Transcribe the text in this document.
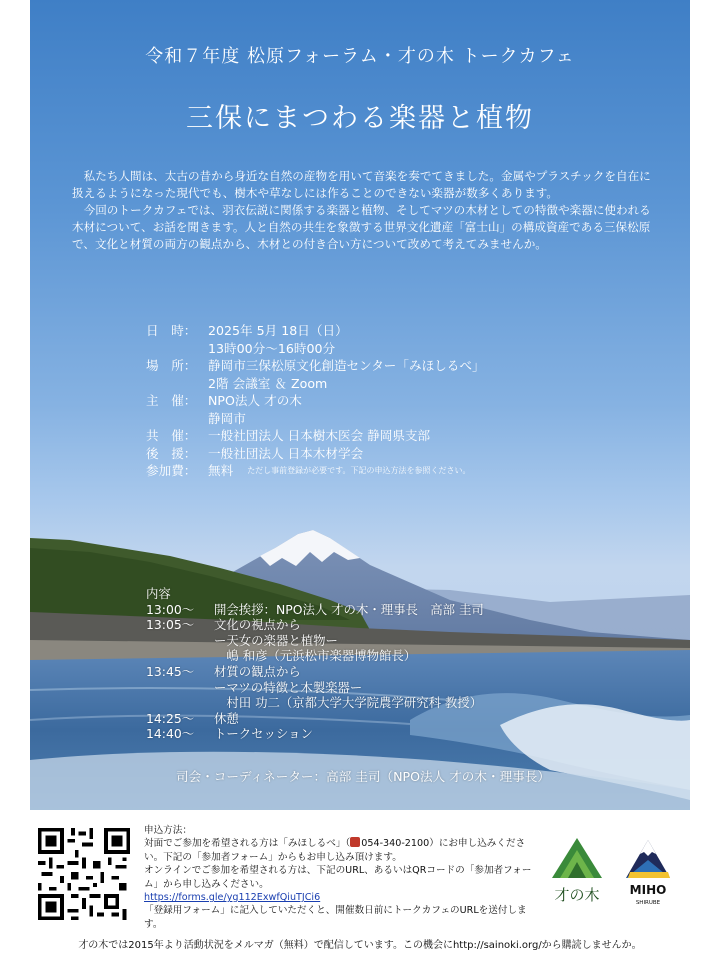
令和７年度 松原フォーラム・才の木 トークカフェ
三保にまつわる楽器と植物

私たち人間は、太古の昔から身近な自然の産物を用いて音楽を奏でてきました。金属やプラスチックを自在に扱えるようになった現代でも、樹木や草なしには作ることのできない楽器が数多くあります。

今回のトークカフェでは、羽衣伝説に関係する楽器と植物、そしてマツの木材としての特徴や楽器に使われる木材について、お話を聞きます。人と自然の共生を象徴する世界文化遺産「富士山」の構成資産である三保松原で、文化と材質の両方の観点から、木材との付き合い方について改めて考えてみませんか。

日　時： 2025年 5月 18日（日）
13時00分～16時00分
場　所： 静岡市三保松原文化創造センター「みほしるべ」
2階 会議室 ＆ Zoom
主　催： NPO法人 才の木
静岡市
共　催： 一般社団法人 日本樹木医会 静岡県支部
後　援： 一般社団法人 日本木材学会
参加費： 無料 ただし事前登録が必要です。下記の申込方法を参照ください。
内容
13:00～	開会挨拶：NPO法人 才の木・理事長　高部 圭司
13:05～	文化の視点から
ー天女の楽器と植物ー
　嶋 和彦（元浜松市楽器博物館長）
13:45～	材質の観点から
ーマツの特徴と木製楽器ー
　村田 功二（京都大学大学院農学研究科 教授）
14:25～	休憩
14:40～	トークセッション
司会・コーディネーター：高部 圭司（NPO法人 才の木・理事長）
申込方法：
対面でご参加を希望される方は「みほしるべ」（ 054-340-2100）にお申し込みください。下記の「参加者フォーム」からもお申し込み頂けます。
オンラインでご参加を希望される方は、下記のURL、あるいはQRコードの「参加者フォーム」から申し込みください。
https://forms.gle/yg112ExwfQiuTJCi6
「登録用フォーム」に記入していただくと、開催数日前にトークカフェのURLを送付します。
才の木	MIHO
SHIRUBE
才の木では2015年より活動状況をメルマガ（無料）で配信しています。この機会にhttp://sainoki.org/から購読しませんか。
